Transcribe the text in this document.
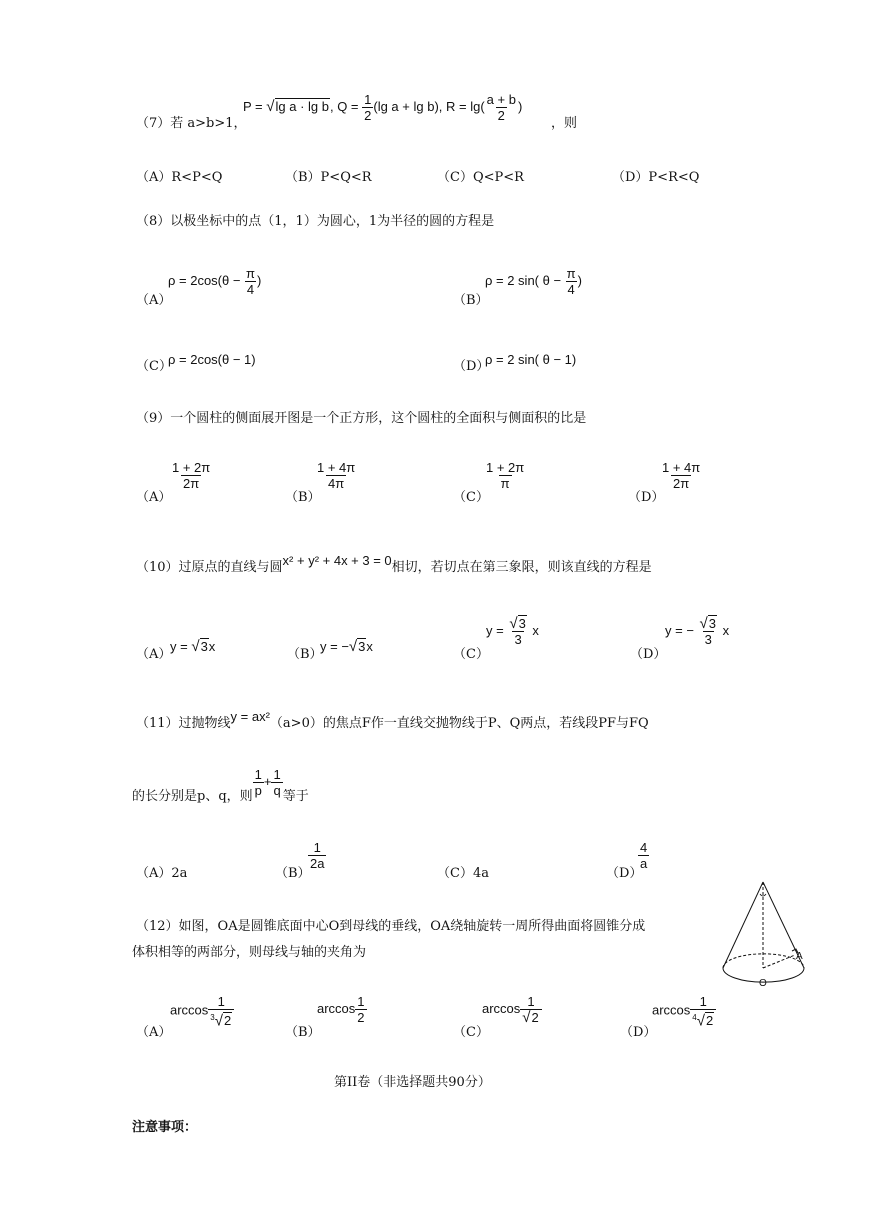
（7）若 a>b>1，
P = √lg a · lg b, $Q = \frac{1}{2} (\lg$ a + lg b), $R = \lg( \frac{a + b}{2}$ )
，则
（A）R<P<Q	（B）P<Q<R	（C）Q<P<R	（D）P<R<Q
（8）以极坐标中的点（1，1）为圆心，1为半径的圆的方程是
（A）
$\rho = 2\cos(\theta - \frac{\pi}{4}$ )
（B）
ρ = 2 sin( $\theta - \frac{\pi}{4}$ )
（C）
ρ = 2cos(θ − 1)	（D）
ρ = 2 sin( θ − 1)
（9）一个圆柱的侧面展开图是一个正方形，这个圆柱的全面积与侧面积的比是
（A）
$\frac{1 + 2\pi}{2\pi}$
（B）
$\frac{1 + 4\pi}{4\pi}$
（C）
$\frac{1 + 2\pi}{\pi}$
（D）
$\frac{1 + 4\pi}{2\pi}$
（10）过原点的直线与圆x² + y² + 4x + 3 = 0相切，若切点在第三象限，则该直线的方程是
（A）
y = √3x
（B）
y = −√3x
（C）
$y = \frac{√3}{3}$ x
（D）
y = − $\frac{√3}{3}$ x
（11）过抛物线y = ax²（a>0）的焦点F作一直线交抛物线于P、Q两点，若线段PF与FQ
的长分别是p、q，则 $\frac{1}{p} + \frac{1}{q}$ 等于
（A）2a	（B）
$\frac{1}{2a}$
（C）4a	（D）
$\frac{4}{a}$
（12）如图，OA是圆锥底面中心O到母线的垂线，OA绕轴旋转一周所得曲面将圆锥分成
体积相等的两部分，则母线与轴的夹角为	A
O
（A）
$\arccos \frac{1}{^3√2}$
（B）
$\arccos \frac{1}{2}$
（C）
$\arccos \frac{1}{√2}$
（D）
$\arccos \frac{1}{^4√2}$
第II卷（非选择题共90分）
注意事项：
